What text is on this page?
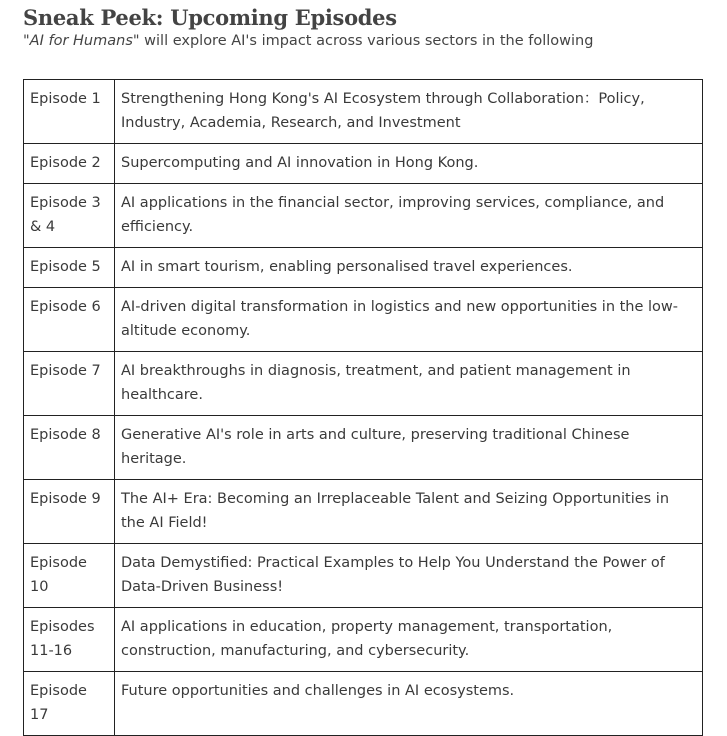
Sneak Peek: Upcoming Episodes

"AI for Humans" will explore AI's impact across various sectors in the following

Episode 1	Strengthening Hong Kong's AI Ecosystem through Collaboration：Policy, Industry, Academia, Research, and Investment
Episode 2	Supercomputing and AI innovation in Hong Kong.
Episode 3 & 4	AI applications in the financial sector, improving services, compliance, and efficiency.
Episode 5	AI in smart tourism, enabling personalised travel experiences.
Episode 6	AI-driven digital transformation in logistics and new opportunities in the low-altitude economy.
Episode 7	AI breakthroughs in diagnosis, treatment, and patient management in healthcare.
Episode 8	Generative AI's role in arts and culture, preserving traditional Chinese heritage.
Episode 9	The AI+ Era: Becoming an Irreplaceable Talent and Seizing Opportunities in the AI Field!
Episode 10	Data Demystified: Practical Examples to Help You Understand the Power of Data-Driven Business!
Episodes 11-16	AI applications in education, property management, transportation, construction, manufacturing, and cybersecurity.
Episode 17	Future opportunities and challenges in AI ecosystems.
